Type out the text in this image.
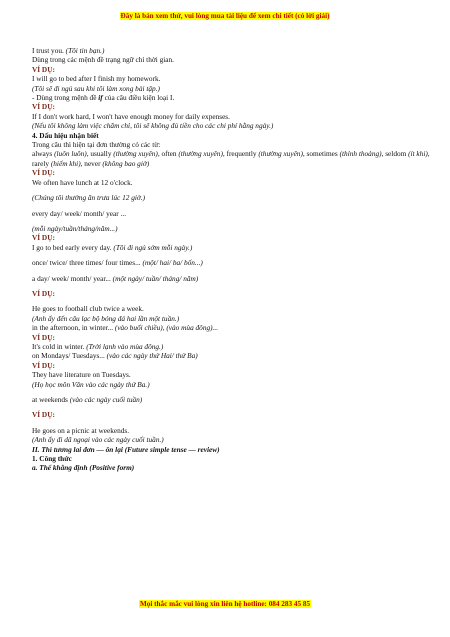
Đây là bản xem thử, vui lòng mua tài liệu để xem chi tiết (có lời giải)

I trust you. (Tôi tin bạn.)

Dùng trong các mệnh đề trạng ngữ chỉ thời gian.

VÍ DỤ:

I will go to bed after I finish my homework.

(Tôi sẽ đi ngủ sau khi tôi làm xong bài tập.)

- Dùng trong mệnh đề if của câu điều kiện loại I.

VÍ DỤ:

If I don't work hard, I won't have enough money for daily expenses.

(Nếu tôi không làm việc chăm chỉ, tôi sẽ không đủ tiền cho các chi phí hằng ngày.)

4. Dấu hiệu nhận biết

Trong câu thì hiện tại đơn thường có các từ:

always (luôn luôn), usually (thường xuyên), often (thường xuyên), frequently (thường xuyên), sometimes (thỉnh thoảng), seldom (ít khi), rarely (hiếm khi), never (không bao giờ)

VÍ DỤ:

We often have lunch at 12 o'clock.

(Chúng tôi thường ăn trưa lúc 12 giờ.)

every day/ week/ month/ year ...

(mỗi ngày/tuần/tháng/năm...)

VÍ DỤ:

I go to bed early every day. (Tôi đi ngủ sớm mỗi ngày.)

once/ twice/ three times/ four times... (một/ hai/ ba/ bốn...)

a day/ week/ month/ year... (một ngày/ tuần/ tháng/ năm)

VÍ DỤ:

He goes to football club twice a week.

(Anh ấy đến câu lạc bộ bóng đá hai lần một tuần.)

in the afternoon, in winter... (vào buổi chiều), (vào mùa đông)...

VÍ DỤ:

It's cold in winter. (Trời lạnh vào mùa đông.)

on Mondays/ Tuesdays... (vào các ngày thứ Hai/ thứ Ba)

VÍ DỤ:

They have literature on Tuesdays.

(Họ học môn Văn vào các ngày thứ Ba.)

at weekends (vào các ngày cuối tuần)

VÍ DỤ:

He goes on a picnic at weekends.

(Anh ấy đi dã ngoại vào các ngày cuối tuần.)

II. Thì tương lai đơn — ôn lại (Future simple tense — review)

1. Công thức

a. Thể khẳng định (Positive form)

Mọi thắc mắc vui lòng xin liên hệ hotline: 084 283 45 85
